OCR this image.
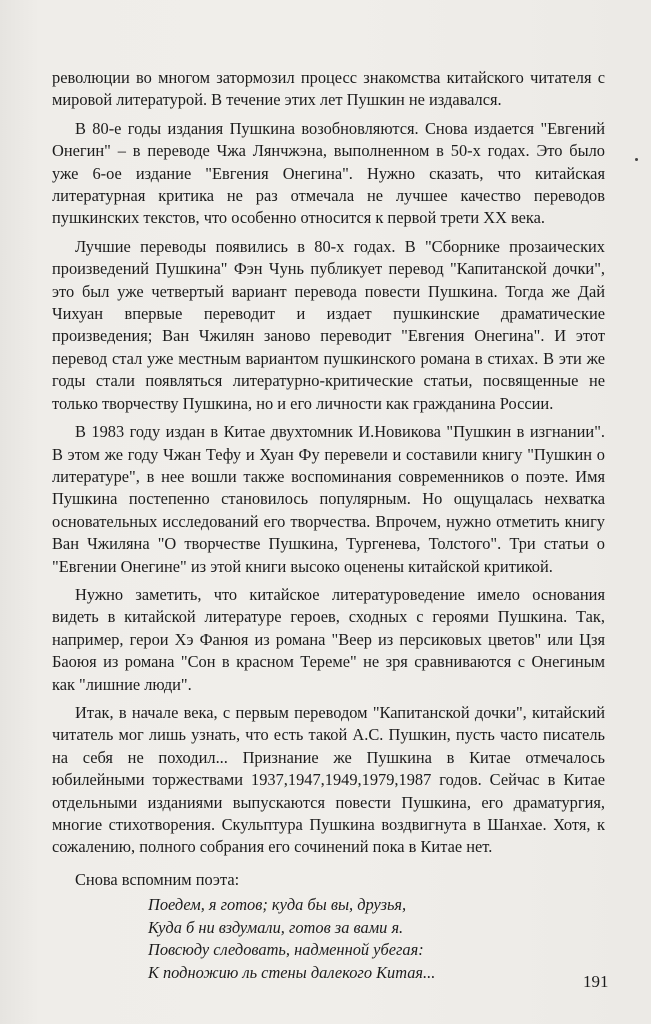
революции во многом затормозил процесс знакомства китайского читателя с мировой литературой. В течение этих лет Пушкин не издавался.

В 80-е годы издания Пушкина возобновляются. Снова издается "Евгений Онегин" – в переводе Чжа Лянчжэна, выполненном в 50-х годах. Это было уже 6-ое издание "Евгения Онегина". Нужно сказать, что китайская литературная критика не раз отмечала не лучшее качество переводов пушкинских текстов, что особенно относится к первой трети XX века.

Лучшие переводы появились в 80-х годах. В "Сборнике прозаических произведений Пушкина" Фэн Чунь публикует перевод "Капитанской дочки", это был уже четвертый вариант перевода повести Пушкина. Тогда же Дай Чихуан впервые переводит и издает пушкинские драматические произведения; Ван Чжилян заново переводит "Евгения Онегина". И этот перевод стал уже местным вариантом пушкинского романа в стихах. В эти же годы стали появляться литературно-критические статьи, посвященные не только творчеству Пушкина, но и его личности как гражданина России.

В 1983 году издан в Китае двухтомник И.Новикова "Пушкин в изгнании". В этом же году Чжан Тефу и Хуан Фу перевели и составили книгу "Пушкин о литературе", в нее вошли также воспоминания современников о поэте. Имя Пушкина постепенно становилось популярным. Но ощущалась нехватка основательных исследований его творчества. Впрочем, нужно отметить книгу Ван Чжиляна "О творчестве Пушкина, Тургенева, Толстого". Три статьи о "Евгении Онегине" из этой книги высоко оценены китайской критикой.

Нужно заметить, что китайское литературоведение имело основания видеть в китайской литературе героев, сходных с героями Пушкина. Так, например, герои Хэ Фанюя из романа "Веер из персиковых цветов" или Цзя Баоюя из романа "Сон в красном Тереме" не зря сравниваются с Онегиным как "лишние люди".

Итак, в начале века, с первым переводом "Капитанской дочки", китайский читатель мог лишь узнать, что есть такой А.С. Пушкин, пусть часто писатель на себя не походил... Признание же Пушкина в Китае отмечалось юбилейными торжествами 1937,1947,1949,1979,1987 годов. Сейчас в Китае отдельными изданиями выпускаются повести Пушкина, его драматургия, многие стихотворения. Скульптура Пушкина воздвигнута в Шанхае. Хотя, к сожалению, полного собрания его сочинений пока в Китае нет.

Снова вспомним поэта:

Поедем, я готов; куда бы вы, друзья,
Куда б ни вздумали, готов за вами я.
Повсюду следовать, надменной убегая:
К подножию ль стены далекого Китая...	191
